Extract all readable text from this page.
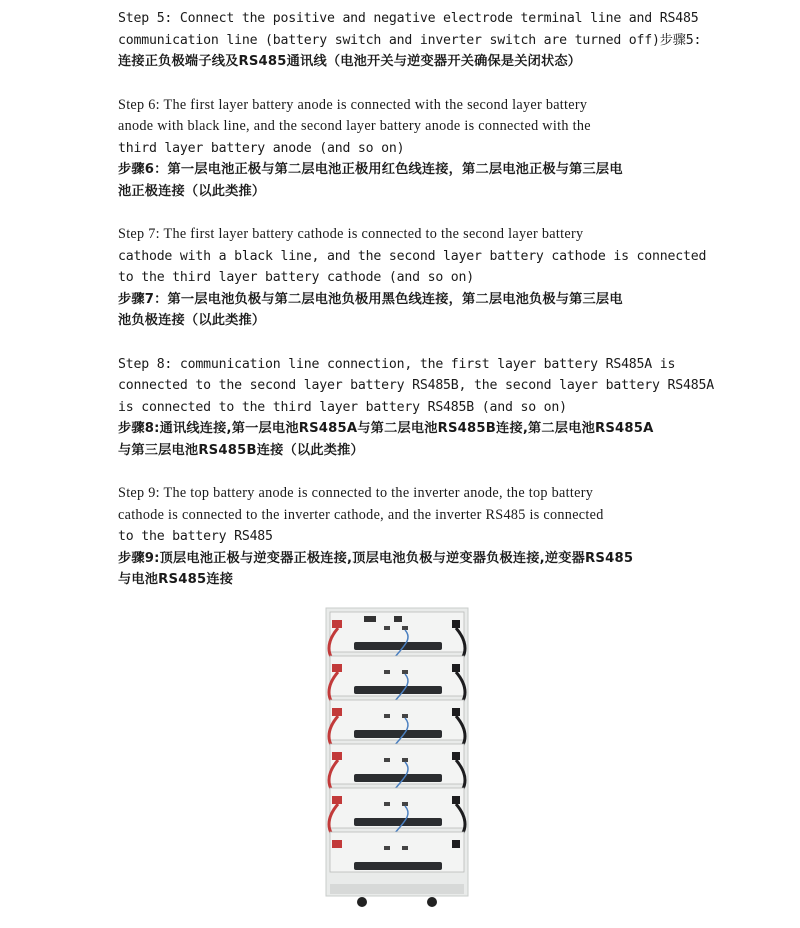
Step 5: Connect the positive and negative electrode terminal line and RS485
communication line (battery switch and inverter switch are turned off)步骤5:
连接正负极端子线及RS485通讯线（电池开关与逆变器开关确保是关闭状态）
Step 6: The first layer battery anode is connected with the second layer battery
anode with black line, and the second layer battery anode is connected with the
third layer battery anode (and so on)
步骤6：第一层电池正极与第二层电池正极用红色线连接，第二层电池正极与第三层电
池正极连接（以此类推）
Step 7: The first layer battery cathode is connected to the second layer battery
cathode with a black line, and the second layer battery cathode is connected
to the third layer battery cathode (and so on)
步骤7：第一层电池负极与第二层电池负极用黑色线连接，第二层电池负极与第三层电
池负极连接（以此类推）
Step 8: communication line connection, the first layer battery RS485A is
connected to the second layer battery RS485B, the second layer battery RS485A
is connected to the third layer battery RS485B (and so on)
步骤8:通讯线连接,第一层电池RS485A与第二层电池RS485B连接,第二层电池RS485A
与第三层电池RS485B连接（以此类推）
Step 9: The top battery anode is connected to the inverter anode, the top battery
cathode is connected to the inverter cathode, and the inverter RS485 is connected
to the battery RS485
步骤9:顶层电池正极与逆变器正极连接,顶层电池负极与逆变器负极连接,逆变器RS485
与电池RS485连接
